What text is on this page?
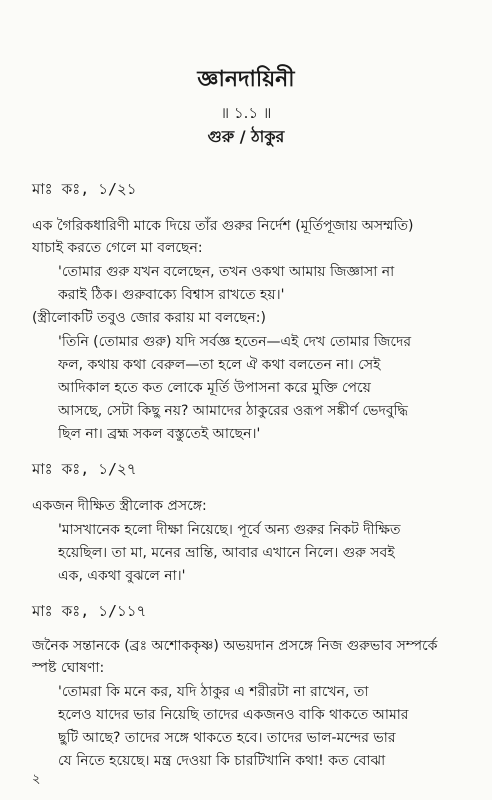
জ্ঞানদায়িনী
॥ ১.১ ॥
গুরু / ঠাকুর
মাঃ কঃ, ১/২১
এক গৈরিকধারিণী মাকে দিয়ে তাঁর গুরুর নির্দেশ (মূর্তিপূজায় অসম্মতি)
যাচাই করতে গেলে মা বলছেন:
'তোমার গুরু যখন বলেছেন, তখন ওকথা আমায় জিজ্ঞাসা না
করাই ঠিক। গুরুবাক্যে বিশ্বাস রাখতে হয়।'
(স্ত্রীলোকটি তবুও জোর করায় মা বলছেন:)
'তিনি (তোমার গুরু) যদি সর্বজ্ঞ হতেন—এই দেখ তোমার জিদের
ফল, কথায় কথা বেরুল—তা হলে ঐ কথা বলতেন না। সেই
আদিকাল হতে কত লোকে মূর্তি উপাসনা করে মুক্তি পেয়ে
আসছে, সেটা কিছু নয়? আমাদের ঠাকুরের ওরূপ সঙ্কীর্ণ ভেদবুদ্ধি
ছিল না। ব্রহ্ম সকল বস্তুতেই আছেন।'
মাঃ কঃ, ১/২৭
একজন দীক্ষিত স্ত্রীলোক প্রসঙ্গে:
'মাসখানেক হলো দীক্ষা নিয়েছে। পূর্বে অন্য গুরুর নিকট দীক্ষিত
হয়েছিল। তা মা, মনের ভ্রান্তি, আবার এখানে নিলে। গুরু সবই
এক, একথা বুঝলে না।'
মাঃ কঃ, ১/১১৭
জনৈক সন্তানকে (ব্রঃ অশোককৃষ্ণ) অভয়দান প্রসঙ্গে নিজ গুরুভাব সম্পর্কে
স্পষ্ট ঘোষণা:
'তোমরা কি মনে কর, যদি ঠাকুর এ শরীরটা না রাখেন, তা
হলেও যাদের ভার নিয়েছি তাদের একজনও বাকি থাকতে আমার
ছুটি আছে? তাদের সঙ্গে থাকতে হবে। তাদের ভাল-মন্দের ভার
যে নিতে হয়েছে। মন্ত্র দেওয়া কি চারটিখানি কথা! কত বোঝা
২
